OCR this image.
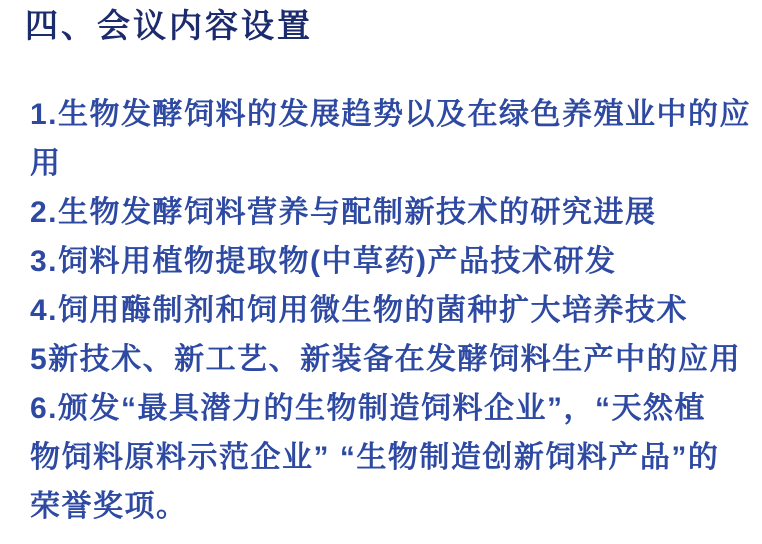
四、会议内容设置
1.生物发酵饲料的发展趋势以及在绿色养殖业中的应
用
2.生物发酵饲料营养与配制新技术的研究进展
3.饲料用植物提取物(中草药)产品技术研发
4.饲用酶制剂和饲用微生物的菌种扩大培养技术
5新技术、新工艺、新装备在发酵饲料生产中的应用
6.颁发“最具潜力的生物制造饲料企业”，“天然植
物饲料原料示范企业” “生物制造创新饲料产品”的
荣誉奖项。
